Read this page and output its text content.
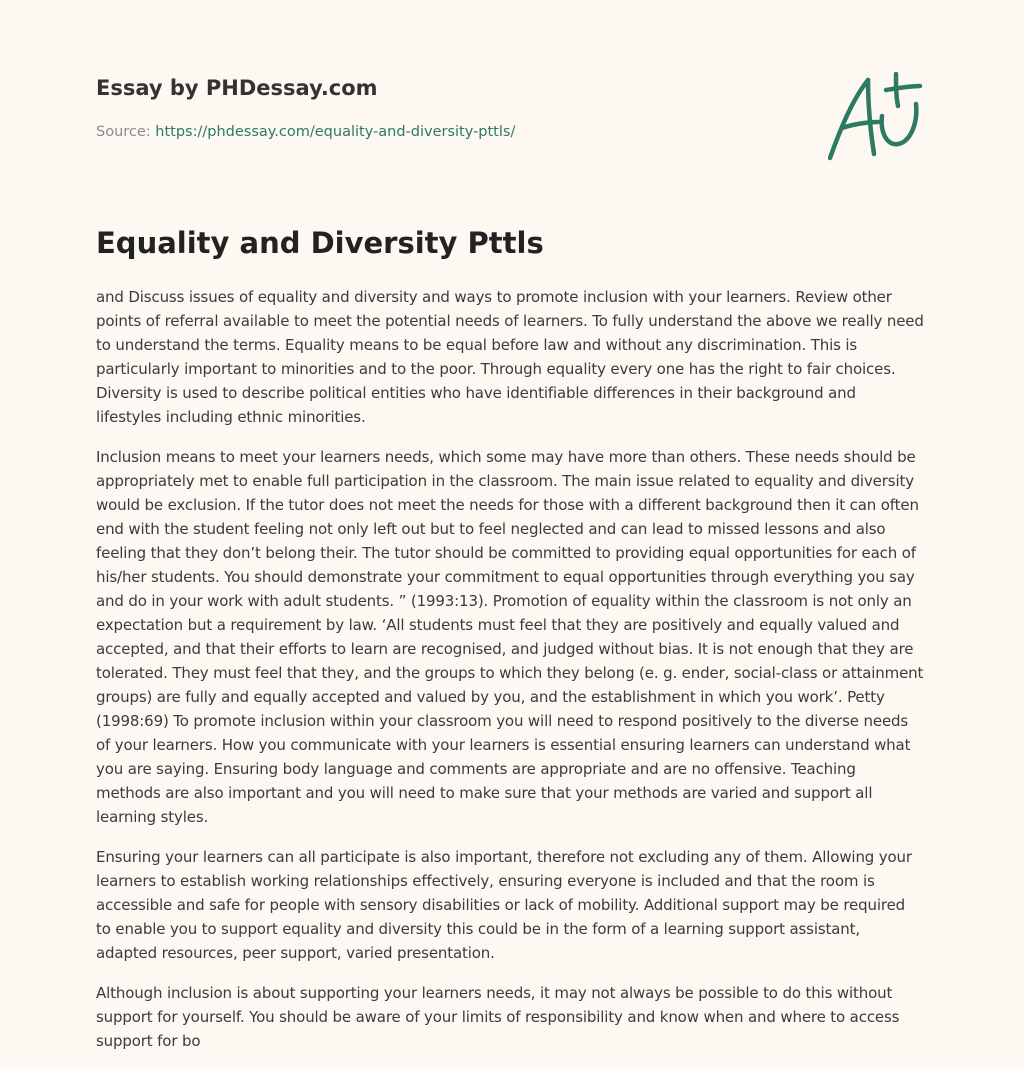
Essay by PHDessay.com
Source: https://phdessay.com/equality-and-diversity-pttls/
Equality and Diversity Pttls

and Discuss issues of equality and diversity and ways to promote inclusion with your learners. Review other points of referral available to meet the potential needs of learners. To fully understand the above we really need to understand the terms. Equality means to be equal before law and without any discrimination. This is particularly important to minorities and to the poor. Through equality every one has the right to fair choices. Diversity is used to describe political entities who have identifiable differences in their background and lifestyles including ethnic minorities.

Inclusion means to meet your learners needs, which some may have more than others. These needs should be appropriately met to enable full participation in the classroom. The main issue related to equality and diversity would be exclusion. If the tutor does not meet the needs for those with a different background then it can often end with the student feeling not only left out but to feel neglected and can lead to missed lessons and also feeling that they don’t belong their. The tutor should be committed to providing equal opportunities for each of his/her students. You should demonstrate your commitment to equal opportunities through everything you say and do in your work with adult students. ” (1993:13). Promotion of equality within the classroom is not only an expectation but a requirement by law. ‘All students must feel that they are positively and equally valued and accepted, and that their efforts to learn are recognised, and judged without bias. It is not enough that they are tolerated. They must feel that they, and the groups to which they belong (e. g. ender, social-class or attainment groups) are fully and equally accepted and valued by you, and the establishment in which you work’. Petty (1998:69) To promote inclusion within your classroom you will need to respond positively to the diverse needs of your learners. How you communicate with your learners is essential ensuring learners can understand what you are saying. Ensuring body language and comments are appropriate and are no offensive. Teaching methods are also important and you will need to make sure that your methods are varied and support all learning styles.

Ensuring your learners can all participate is also important, therefore not excluding any of them. Allowing your learners to establish working relationships effectively, ensuring everyone is included and that the room is accessible and safe for people with sensory disabilities or lack of mobility. Additional support may be required to enable you to support equality and diversity this could be in the form of a learning support assistant, adapted resources, peer support, varied presentation.

Although inclusion is about supporting your learners needs, it may not always be possible to do this without support for yourself. You should be aware of your limits of responsibility and know when and where to access support for bo
